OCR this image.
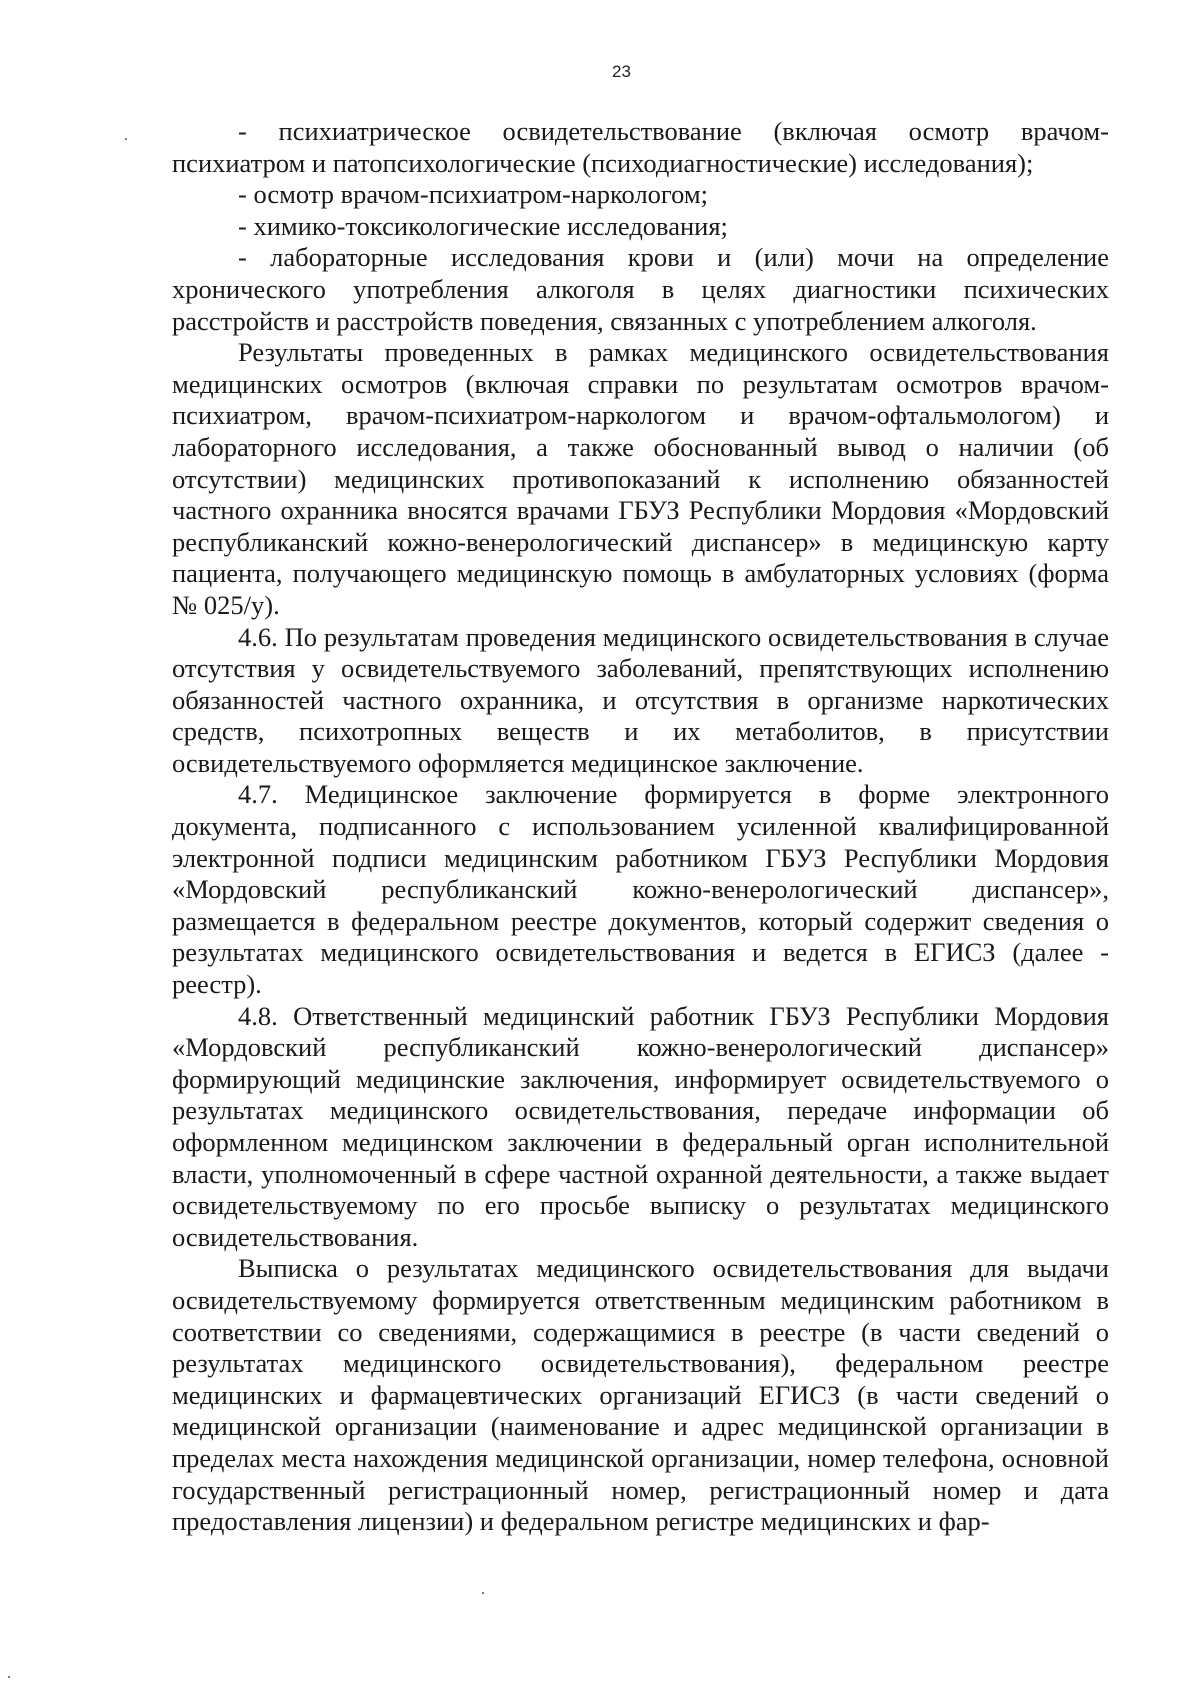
23

- психиатрическое освидетельствование (включая осмотр врачом-психиатром и патопсихологические (психодиагностические) исследования);

- осмотр врачом-психиатром-наркологом;

- химико-токсикологические исследования;

- лабораторные исследования крови и (или) мочи на определение хронического употребления алкоголя в целях диагностики психических расстройств и расстройств поведения, связанных с употреблением алкоголя.

Результаты проведенных в рамках медицинского освидетельствования медицинских осмотров (включая справки по результатам осмотров врачом-психиатром, врачом-психиатром-наркологом и врачом-офтальмологом) и лабораторного исследования, а также обоснованный вывод о наличии (об отсутствии) медицинских противопоказаний к исполнению обязанностей частного охранника вносятся врачами ГБУЗ Республики Мордовия «Мордовский республиканский кожно-венерологический диспансер» в медицинскую карту пациента, получающего медицинскую помощь в амбулаторных условиях (форма № 025/у).

4.6. По результатам проведения медицинского освидетельствования в случае отсутствия у освидетельствуемого заболеваний, препятствующих исполнению обязанностей частного охранника, и отсутствия в организме наркотических средств, психотропных веществ и их метаболитов, в присутствии освидетельствуемого оформляется медицинское заключение.

4.7. Медицинское заключение формируется в форме электронного документа, подписанного с использованием усиленной квалифицированной электронной подписи медицинским работником ГБУЗ Республики Мордовия «Мордовский республиканский кожно-венерологический диспансер», размещается в федеральном реестре документов, который содержит сведения о результатах медицинского освидетельствования и ведется в ЕГИСЗ (далее - реестр).

4.8. Ответственный медицинский работник ГБУЗ Республики Мордовия «Мордовский республиканский кожно-венерологический диспансер» формирующий медицинские заключения, информирует освидетельствуемого о результатах медицинского освидетельствования, передаче информации об оформленном медицинском заключении в федеральный орган исполнительной власти, уполномоченный в сфере частной охранной деятельности, а также выдает освидетельствуемому по его просьбе выписку о результатах медицинского освидетельствования.

Выписка о результатах медицинского освидетельствования для выдачи освидетельствуемому формируется ответственным медицинским работником в соответствии со сведениями, содержащимися в реестре (в части сведений о результатах медицинского освидетельствования), федеральном реестре медицинских и фармацевтических организаций ЕГИСЗ (в части сведений о медицинской организации (наименование и адрес медицинской организации в пределах места нахождения медицинской организации, номер телефона, основной государственный регистрационный номер, регистрационный номер и дата предоставления лицензии) и федеральном регистре медицинских и фар-
